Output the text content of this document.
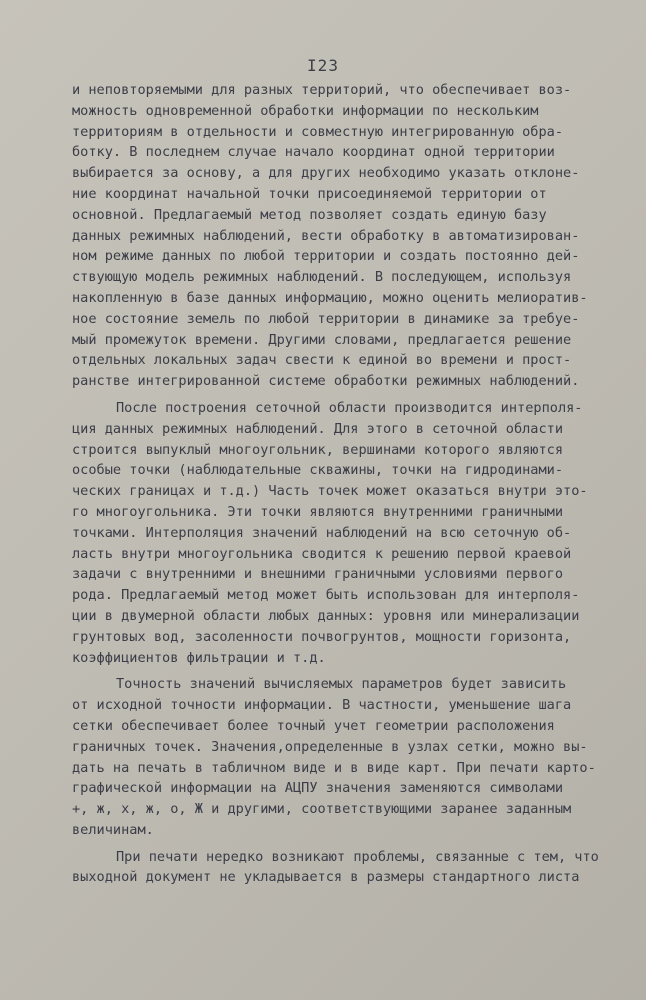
I23
и неповторяемыми для разных территорий, что обеспечивает воз-
можность одновременной обработки информации по нескольким
территориям в отдельности и совместную интегрированную обра-
ботку. В последнем случае начало координат одной территории
выбирается за основу, а для других необходимо указать отклоне-
ние координат начальной точки присоединяемой территории от
основной. Предлагаемый метод позволяет создать единую базу
данных режимных наблюдений, вести обработку в автоматизирован-
ном режиме данных по любой территории и создать постоянно дей-
ствующую модель режимных наблюдений. В последующем, используя
накопленную в базе данных информацию, можно оценить мелиоратив-
ное состояние земель по любой территории в динамике за требуе-
мый промежуток времени. Другими словами, предлагается решение
отдельных локальных задач свести к единой во времени и прост-
ранстве интегрированной системе обработки режимных наблюдений.
После построения сеточной области производится интерполя-
ция данных режимных наблюдений. Для этого в сеточной области
строится выпуклый многоугольник, вершинами которого являются
особые точки (наблюдательные скважины, точки на гидродинами-
ческих границах и т.д.) Часть точек может оказаться внутри это-
го многоугольника. Эти точки являются внутренними граничными
точками. Интерполяция значений наблюдений на всю сеточную об-
ласть внутри многоугольника сводится к решению первой краевой
задачи с внутренними и внешними граничными условиями первого
рода. Предлагаемый метод может быть использован для интерполя-
ции в двумерной области любых данных: уровня или минерализации
грунтовых вод, засоленности почвогрунтов, мощности горизонта,
коэффициентов фильтрации и т.д.
Точность значений вычисляемых параметров будет зависить
от исходной точности информации. В частности, уменьшение шага
сетки обеспечивает более точный учет геометрии расположения
граничных точек. Значения,определенные в узлах сетки, можно вы-
дать на печать в табличном виде и в виде карт. При печати карто-
графической информации на АЦПУ значения заменяются символами
+, ж, х, ж, о, Ж и другими, соответствующими заранее заданным
величинам.
При печати нередко возникают проблемы, связанные с тем, что
выходной документ не укладывается в размеры стандартного листа
